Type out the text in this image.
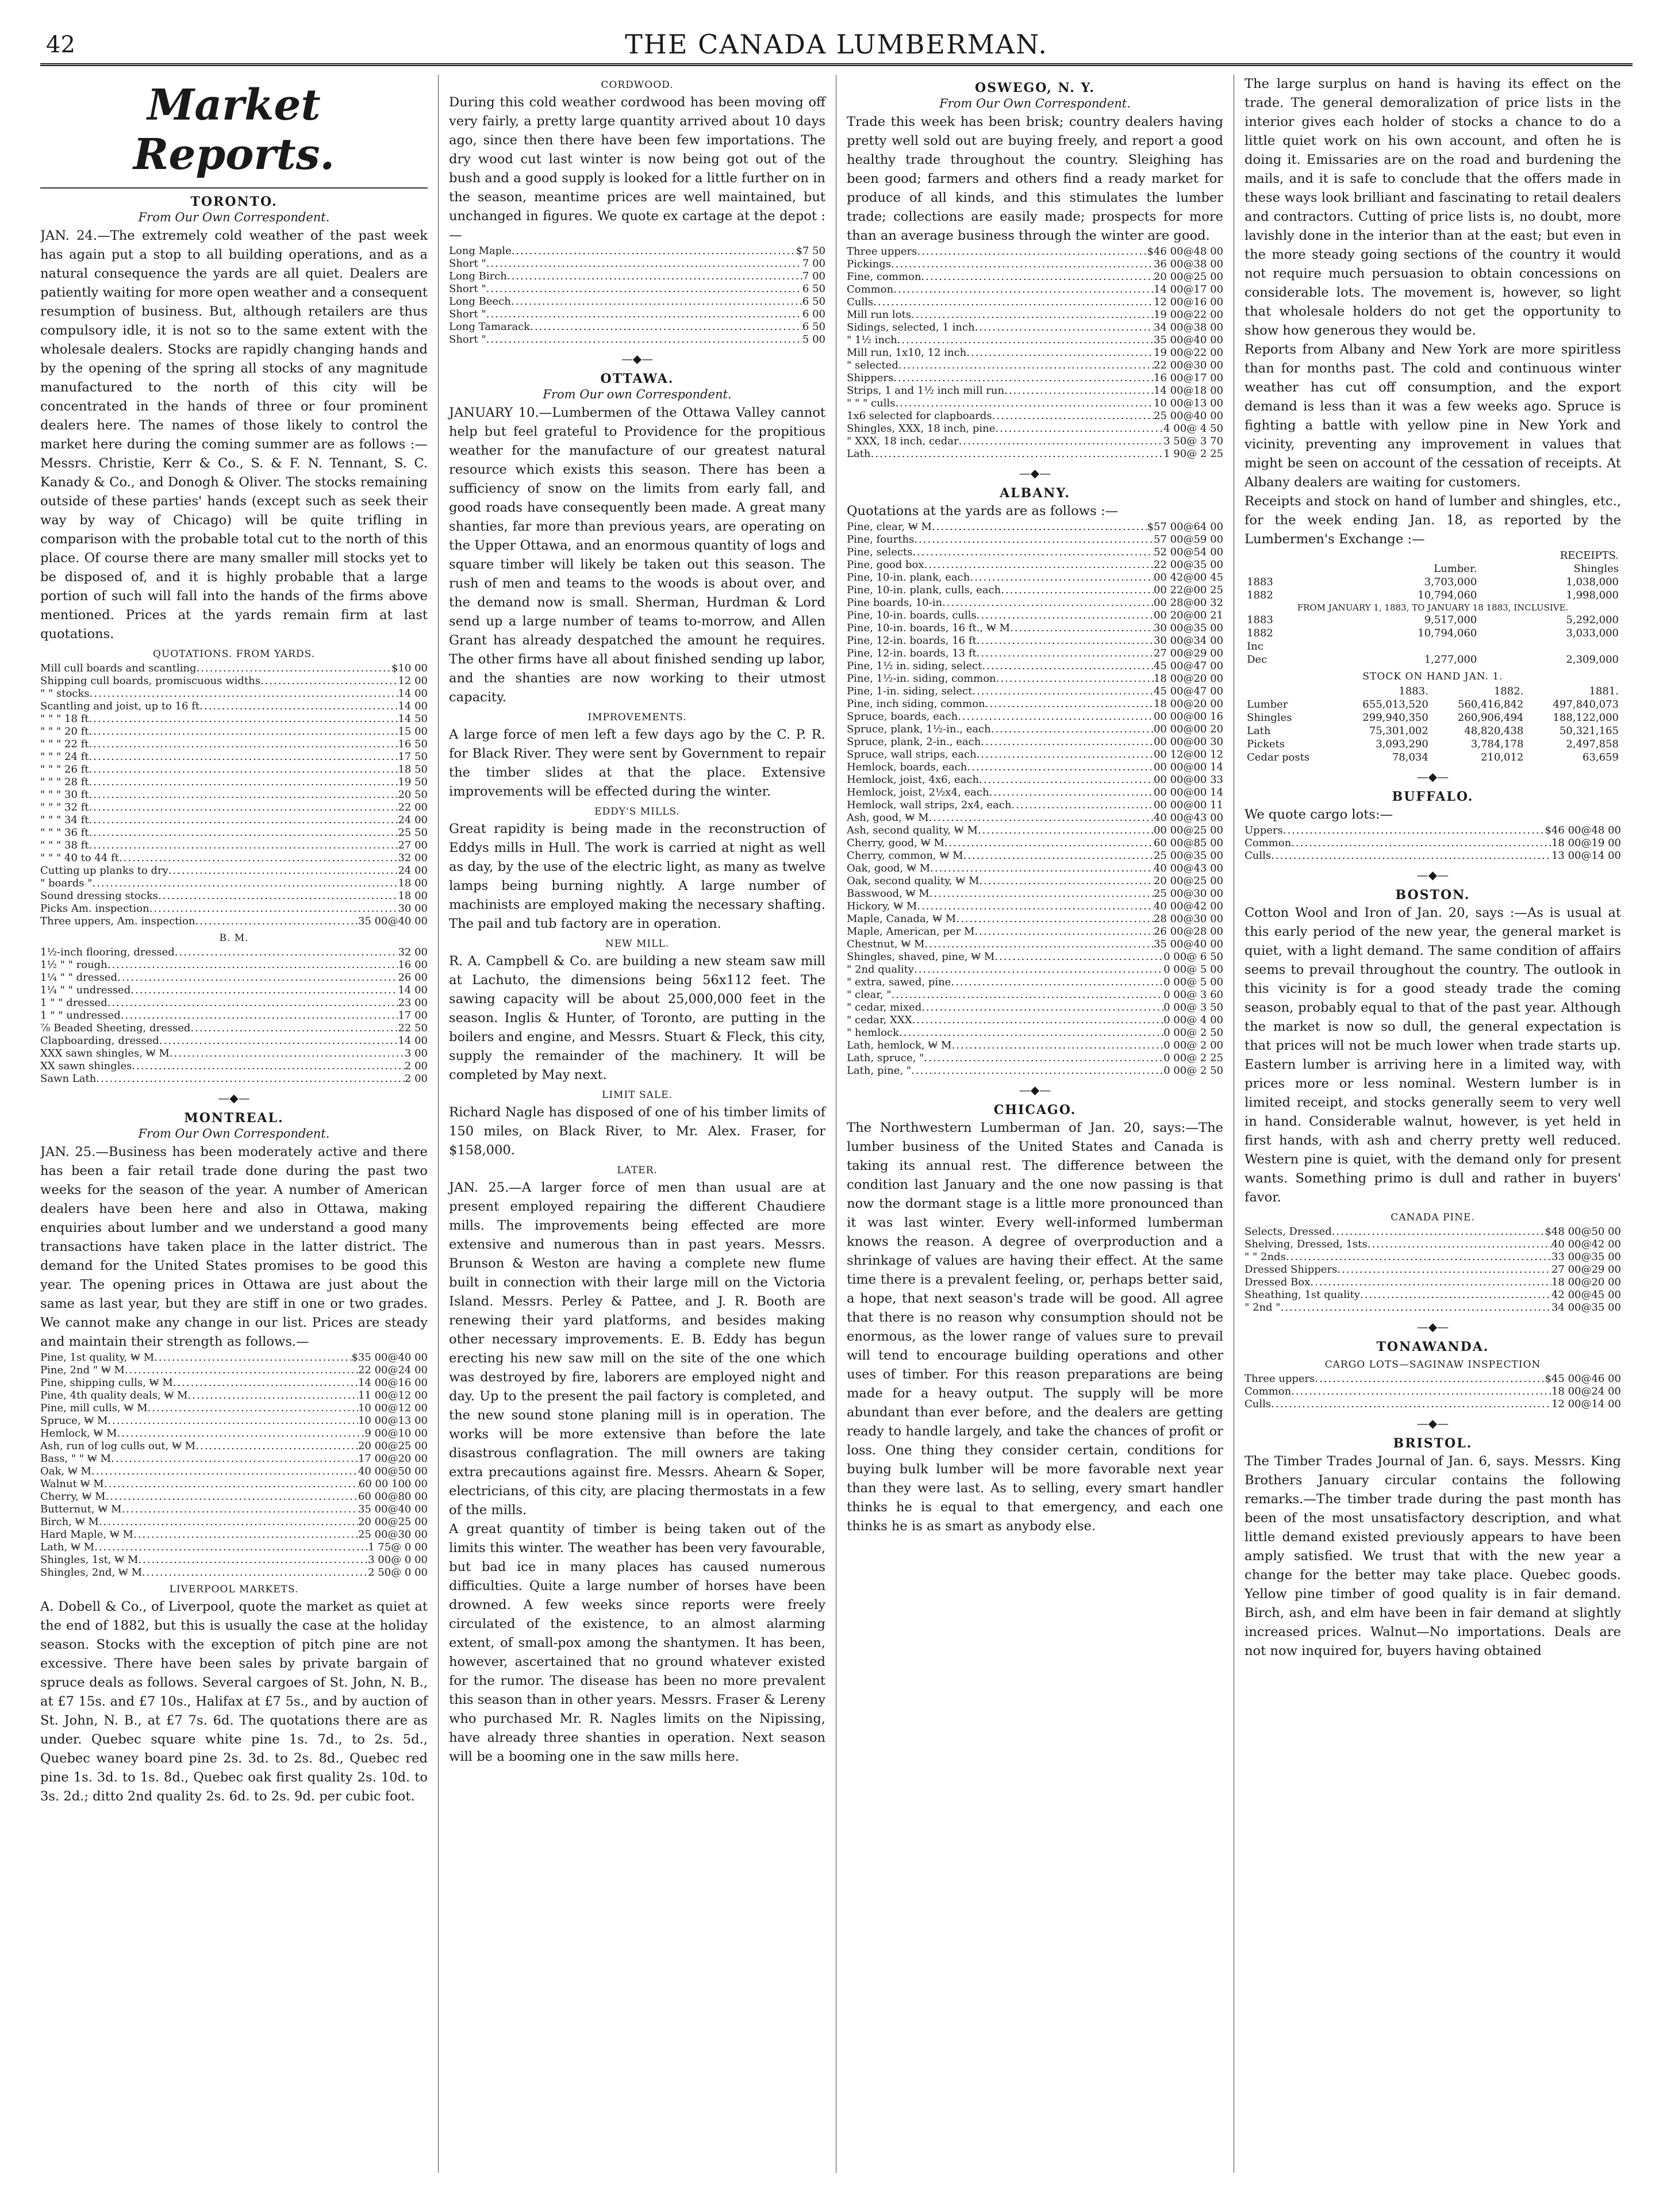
42	THE CANADA LUMBERMAN.
Market Reports.
TORONTO.
From Our Own Correspondent.

JAN. 24.—The extremely cold weather of the past week has again put a stop to all building operations, and as a natural consequence the yards are all quiet. Dealers are patiently waiting for more open weather and a consequent resumption of business. But, although retailers are thus compulsory idle, it is not so to the same extent with the wholesale dealers. Stocks are rapidly changing hands and by the opening of the spring all stocks of any magnitude manufactured to the north of this city will be concentrated in the hands of three or four prominent dealers here. The names of those likely to control the market here during the coming summer are as follows :—Messrs. Christie, Kerr & Co., S. & F. N. Tennant, S. C. Kanady & Co., and Donogh & Oliver. The stocks remaining outside of these parties' hands (except such as seek their way by way of Chicago) will be quite trifling in comparison with the probable total cut to the north of this place. Of course there are many smaller mill stocks yet to be disposed of, and it is highly probable that a large portion of such will fall into the hands of the firms above mentioned. Prices at the yards remain firm at last quotations.

QUOTATIONS. FROM YARDS.
Mill cull boards and scantling .....	$10 00
Shipping cull boards, promiscuous widths .....	12 00
" " stocks .....	14 00
Scantling and joist, up to 16 ft .....	14 00
" " " 18 ft .....	14 50
" " " 20 ft .....	15 00
" " " 22 ft .....	16 50
" " " 24 ft .....	17 50
" " " 26 ft .....	18 50
" " " 28 ft .....	19 50
" " " 30 ft .....	20 50
" " " 32 ft .....	22 00
" " " 34 ft .....	24 00
" " " 36 ft .....	25 50
" " " 38 ft .....	27 00
" " " 40 to 44 ft .....	32 00
Cutting up planks to dry .....	24 00
" boards " .....	18 00
Sound dressing stocks .....	18 00
Picks Am. inspection .....	30 00
Three uppers, Am. inspection .....	35 00@40 00
B. M.
1½-inch flooring, dressed .....	32 00
1½ " " rough .....	16 00
1¼ " " dressed .....	26 00
1¼ " " undressed .....	14 00
1 " " dressed .....	23 00
1 " " undressed .....	17 00
⅞ Beaded Sheeting, dressed .....	22 50
Clapboarding, dressed .....	14 00
XXX sawn shingles, ₩ M .....	3 00
XX sawn shingles .....	2 00
Sawn Lath .....	2 00
—◆—
MONTREAL.
From Our Own Correspondent.

JAN. 25.—Business has been moderately active and there has been a fair retail trade done during the past two weeks for the season of the year. A number of American dealers have been here and also in Ottawa, making enquiries about lumber and we understand a good many transactions have taken place in the latter district. The demand for the United States promises to be good this year. The opening prices in Ottawa are just about the same as last year, but they are stiff in one or two grades. We cannot make any change in our list. Prices are steady and maintain their strength as follows.—

Pine, 1st quality, ₩ M .....	$35 00@40 00
Pine, 2nd " ₩ M .....	22 00@24 00
Pine, shipping culls, ₩ M .....	14 00@16 00
Pine, 4th quality deals, ₩ M .....	11 00@12 00
Pine, mill culls, ₩ M .....	10 00@12 00
Spruce, ₩ M .....	10 00@13 00
Hemlock, ₩ M .....	9 00@10 00
Ash, run of log culls out, ₩ M .....	20 00@25 00
Bass, " " ₩ M .....	17 00@20 00
Oak, ₩ M .....	40 00@50 00
Walnut ₩ M .....	60 00 100 00
Cherry, ₩ M .....	60 00@80 00
Butternut, ₩ M .....	35 00@40 00
Birch, ₩ M .....	20 00@25 00
Hard Maple, ₩ M .....	25 00@30 00
Lath, ₩ M .....	1 75@ 0 00
Shingles, 1st, ₩ M .....	3 00@ 0 00
Shingles, 2nd, ₩ M .....	2 50@ 0 00
LIVERPOOL MARKETS.

A. Dobell & Co., of Liverpool, quote the market as quiet at the end of 1882, but this is usually the case at the holiday season. Stocks with the exception of pitch pine are not excessive. There have been sales by private bargain of spruce deals as follows. Several cargoes of St. John, N. B., at £7 15s. and £7 10s., Halifax at £7 5s., and by auction of St. John, N. B., at £7 7s. 6d. The quotations there are as under. Quebec square white pine 1s. 7d., to 2s. 5d., Quebec waney board pine 2s. 3d. to 2s. 8d., Quebec red pine 1s. 3d. to 1s. 8d., Quebec oak first quality 2s. 10d. to 3s. 2d.; ditto 2nd quality 2s. 6d. to 2s. 9d. per cubic foot.

CORDWOOD.

During this cold weather cordwood has been moving off very fairly, a pretty large quantity arrived about 10 days ago, since then there have been few importations. The dry wood cut last winter is now being got out of the bush and a good supply is looked for a little further on in the season, meantime prices are well maintained, but unchanged in figures. We quote ex cartage at the depot :—

Long Maple .....	$7 50
Short " .....	7 00
Long Birch .....	7 00
Short " .....	6 50
Long Beech .....	6 50
Short " .....	6 00
Long Tamarack .....	6 50
Short " .....	5 00
—◆—
OTTAWA.
From Our own Correspondent.

JANUARY 10.—Lumbermen of the Ottawa Valley cannot help but feel grateful to Providence for the propitious weather for the manufacture of our greatest natural resource which exists this season. There has been a sufficiency of snow on the limits from early fall, and good roads have consequently been made. A great many shanties, far more than previous years, are operating on the Upper Ottawa, and an enormous quantity of logs and square timber will likely be taken out this season. The rush of men and teams to the woods is about over, and the demand now is small. Sherman, Hurdman & Lord send up a large number of teams to-morrow, and Allen Grant has already despatched the amount he requires. The other firms have all about finished sending up labor, and the shanties are now working to their utmost capacity.

IMPROVEMENTS.

A large force of men left a few days ago by the C. P. R. for Black River. They were sent by Government to repair the timber slides at that the place. Extensive improvements will be effected during the winter.

EDDY'S MILLS.

Great rapidity is being made in the reconstruction of Eddys mills in Hull. The work is carried at night as well as day, by the use of the electric light, as many as twelve lamps being burning nightly. A large number of machinists are employed making the necessary shafting. The pail and tub factory are in operation.

NEW MILL.

R. A. Campbell & Co. are building a new steam saw mill at Lachuto, the dimensions being 56x112 feet. The sawing capacity will be about 25,000,000 feet in the season. Inglis & Hunter, of Toronto, are putting in the boilers and engine, and Messrs. Stuart & Fleck, this city, supply the remainder of the machinery. It will be completed by May next.

LIMIT SALE.

Richard Nagle has disposed of one of his timber limits of 150 miles, on Black River, to Mr. Alex. Fraser, for $158,000.

LATER.

JAN. 25.—A larger force of men than usual are at present employed repairing the different Chaudiere mills. The improvements being effected are more extensive and numerous than in past years. Messrs. Brunson & Weston are having a complete new flume built in connection with their large mill on the Victoria Island. Messrs. Perley & Pattee, and J. R. Booth are renewing their yard platforms, and besides making other necessary improvements. E. B. Eddy has begun erecting his new saw mill on the site of the one which was destroyed by fire, laborers are employed night and day. Up to the present the pail factory is completed, and the new sound stone planing mill is in operation. The works will be more extensive than before the late disastrous conflagration. The mill owners are taking extra precautions against fire. Messrs. Ahearn & Soper, electricians, of this city, are placing thermostats in a few of the mills.

A great quantity of timber is being taken out of the limits this winter. The weather has been very favourable, but bad ice in many places has caused numerous difficulties. Quite a large number of horses have been drowned. A few weeks since reports were freely circulated of the existence, to an almost alarming extent, of small-pox among the shantymen. It has been, however, ascertained that no ground whatever existed for the rumor. The disease has been no more prevalent this season than in other years. Messrs. Fraser & Lereny who purchased Mr. R. Nagles limits on the Nipissing, have already three shanties in operation. Next season will be a booming one in the saw mills here.

OSWEGO, N. Y.
From Our Own Correspondent.

Trade this week has been brisk; country dealers having pretty well sold out are buying freely, and report a good healthy trade throughout the country. Sleighing has been good; farmers and others find a ready market for produce of all kinds, and this stimulates the lumber trade; collections are easily made; prospects for more than an average business through the winter are good.

Three uppers .....	$46 00@48 00
Pickings .....	36 00@38 00
Fine, common .....	20 00@25 00
Common .....	14 00@17 00
Culls .....	12 00@16 00
Mill run lots .....	19 00@22 00
Sidings, selected, 1 inch .....	34 00@38 00
" 1½ inch .....	35 00@40 00
Mill run, 1x10, 12 inch .....	19 00@22 00
" selected .....	22 00@30 00
Shippers .....	16 00@17 00
Strips, 1 and 1½ inch mill run .....	14 00@18 00
" " " culls .....	10 00@13 00
1x6 selected for clapboards .....	25 00@40 00
Shingles, XXX, 18 inch, pine .....	4 00@ 4 50
" XXX, 18 inch, cedar .....	3 50@ 3 70
Lath .....	1 90@ 2 25
—◆—
ALBANY.

Quotations at the yards are as follows :—

Pine, clear, ₩ M .....	$57 00@64 00
Pine, fourths .....	57 00@59 00
Pine, selects .....	52 00@54 00
Pine, good box .....	22 00@35 00
Pine, 10-in. plank, each .....	00 42@00 45
Pine, 10-in. plank, culls, each .....	00 22@00 25
Pine boards, 10-in .....	00 28@00 32
Pine, 10-in. boards, culls .....	00 20@00 21
Pine, 10-in. boards, 16 ft., ₩ M .....	30 00@35 00
Pine, 12-in. boards, 16 ft .....	30 00@34 00
Pine, 12-in. boards, 13 ft .....	27 00@29 00
Pine, 1½ in. siding, select .....	45 00@47 00
Pine, 1½-in. siding, common .....	18 00@20 00
Pine, 1-in. siding, select .....	45 00@47 00
Pine, inch siding, common .....	18 00@20 00
Spruce, boards, each .....	00 00@00 16
Spruce, plank, 1½-in., each .....	00 00@00 20
Spruce, plank, 2-in., each .....	00 00@00 30
Spruce, wall strips, each .....	00 12@00 12
Hemlock, boards, each .....	00 00@00 14
Hemlock, joist, 4x6, each .....	00 00@00 33
Hemlock, joist, 2½x4, each .....	00 00@00 14
Hemlock, wall strips, 2x4, each .....	00 00@00 11
Ash, good, ₩ M .....	40 00@43 00
Ash, second quality, ₩ M .....	00 00@25 00
Cherry, good, ₩ M .....	60 00@85 00
Cherry, common, ₩ M .....	25 00@35 00
Oak, good, ₩ M .....	40 00@43 00
Oak, second quality, ₩ M .....	20 00@25 00
Basswood, ₩ M .....	25 00@30 00
Hickory, ₩ M .....	40 00@42 00
Maple, Canada, ₩ M .....	28 00@30 00
Maple, American, per M .....	26 00@28 00
Chestnut, ₩ M .....	35 00@40 00
Shingles, shaved, pine, ₩ M .....	0 00@ 6 50
" 2nd quality .....	0 00@ 5 00
" extra, sawed, pine .....	0 00@ 5 00
" clear, " .....	0 00@ 3 60
" cedar, mixed .....	0 00@ 3 50
" cedar, XXX .....	0 00@ 4 00
" hemlock .....	0 00@ 2 50
Lath, hemlock, ₩ M .....	0 00@ 2 00
Lath, spruce, " .....	0 00@ 2 25
Lath, pine, " .....	0 00@ 2 50
—◆—
CHICAGO.

The Northwestern Lumberman of Jan. 20, says:—The lumber business of the United States and Canada is taking its annual rest. The difference between the condition last January and the one now passing is that now the dormant stage is a little more pronounced than it was last winter. Every well-informed lumberman knows the reason. A degree of overproduction and a shrinkage of values are having their effect. At the same time there is a prevalent feeling, or, perhaps better said, a hope, that next season's trade will be good. All agree that there is no reason why consumption should not be enormous, as the lower range of values sure to prevail will tend to encourage building operations and other uses of timber. For this reason preparations are being made for a heavy output. The supply will be more abundant than ever before, and the dealers are getting ready to handle largely, and take the chances of profit or loss. One thing they consider certain, conditions for buying bulk lumber will be more favorable next year than they were last. As to selling, every smart handler thinks he is equal to that emergency, and each one thinks he is as smart as anybody else.

The large surplus on hand is having its effect on the trade. The general demoralization of price lists in the interior gives each holder of stocks a chance to do a little quiet work on his own account, and often he is doing it. Emissaries are on the road and burdening the mails, and it is safe to conclude that the offers made in these ways look brilliant and fascinating to retail dealers and contractors. Cutting of price lists is, no doubt, more lavishly done in the interior than at the east; but even in the more steady going sections of the country it would not require much persuasion to obtain concessions on considerable lots. The movement is, however, so light that wholesale holders do not get the opportunity to show how generous they would be.

Reports from Albany and New York are more spiritless than for months past. The cold and continuous winter weather has cut off consumption, and the export demand is less than it was a few weeks ago. Spruce is fighting a battle with yellow pine in New York and vicinity, preventing any improvement in values that might be seen on account of the cessation of receipts. At Albany dealers are waiting for customers.

Receipts and stock on hand of lumber and shingles, etc., for the week ending Jan. 18, as reported by the Lumbermen's Exchange :—

	RECEIPTS.	
	Lumber.	Shingles
1883	3,703,000	1,038,000
1882	10,794,060	1,998,000
FROM JANUARY 1, 1883, TO JANUARY 18 1883, INCLUSIVE.		
1883	9,517,000	5,292,000
1882	10,794,060	3,033,000
Inc		
Dec	1,277,000	2,309,000
STOCK ON HAND JAN. 1.
	1883.	1882.	1881.
Lumber	655,013,520	560,416,842	497,840,073
Shingles	299,940,350	260,906,494	188,122,000
Lath	75,301,002	48,820,438	50,321,165
Pickets	3,093,290	3,784,178	2,497,858
Cedar posts	78,034	210,012	63,659
—◆—
BUFFALO.

We quote cargo lots:—

Uppers .....	$46 00@48 00
Common .....	18 00@19 00
Culls .....	13 00@14 00
—◆—
BOSTON.

Cotton Wool and Iron of Jan. 20, says :—As is usual at this early period of the new year, the general market is quiet, with a light demand. The same condition of affairs seems to prevail throughout the country. The outlook in this vicinity is for a good steady trade the coming season, probably equal to that of the past year. Although the market is now so dull, the general expectation is that prices will not be much lower when trade starts up. Eastern lumber is arriving here in a limited way, with prices more or less nominal. Western lumber is in limited receipt, and stocks generally seem to very well in hand. Considerable walnut, however, is yet held in first hands, with ash and cherry pretty well reduced. Western pine is quiet, with the demand only for present wants. Something primo is dull and rather in buyers' favor.

CANADA PINE.
Selects, Dressed .....	$48 00@50 00
Shelving, Dressed, 1sts .....	40 00@42 00
" " 2nds .....	33 00@35 00
Dressed Shippers .....	27 00@29 00
Dressed Box .....	18 00@20 00
Sheathing, 1st quality .....	42 00@45 00
" 2nd " .....	34 00@35 00
—◆—
TONAWANDA.
CARGO LOTS—SAGINAW INSPECTION
Three uppers .....	$45 00@46 00
Common .....	18 00@24 00
Culls .....	12 00@14 00
—◆—
BRISTOL.

The Timber Trades Journal of Jan. 6, says. Messrs. King Brothers January circular contains the following remarks.—The timber trade during the past month has been of the most unsatisfactory description, and what little demand existed previously appears to have been amply satisfied. We trust that with the new year a change for the better may take place. Quebec goods. Yellow pine timber of good quality is in fair demand. Birch, ash, and elm have been in fair demand at slightly increased prices. Walnut—No importations. Deals are not now inquired for, buyers having obtained
